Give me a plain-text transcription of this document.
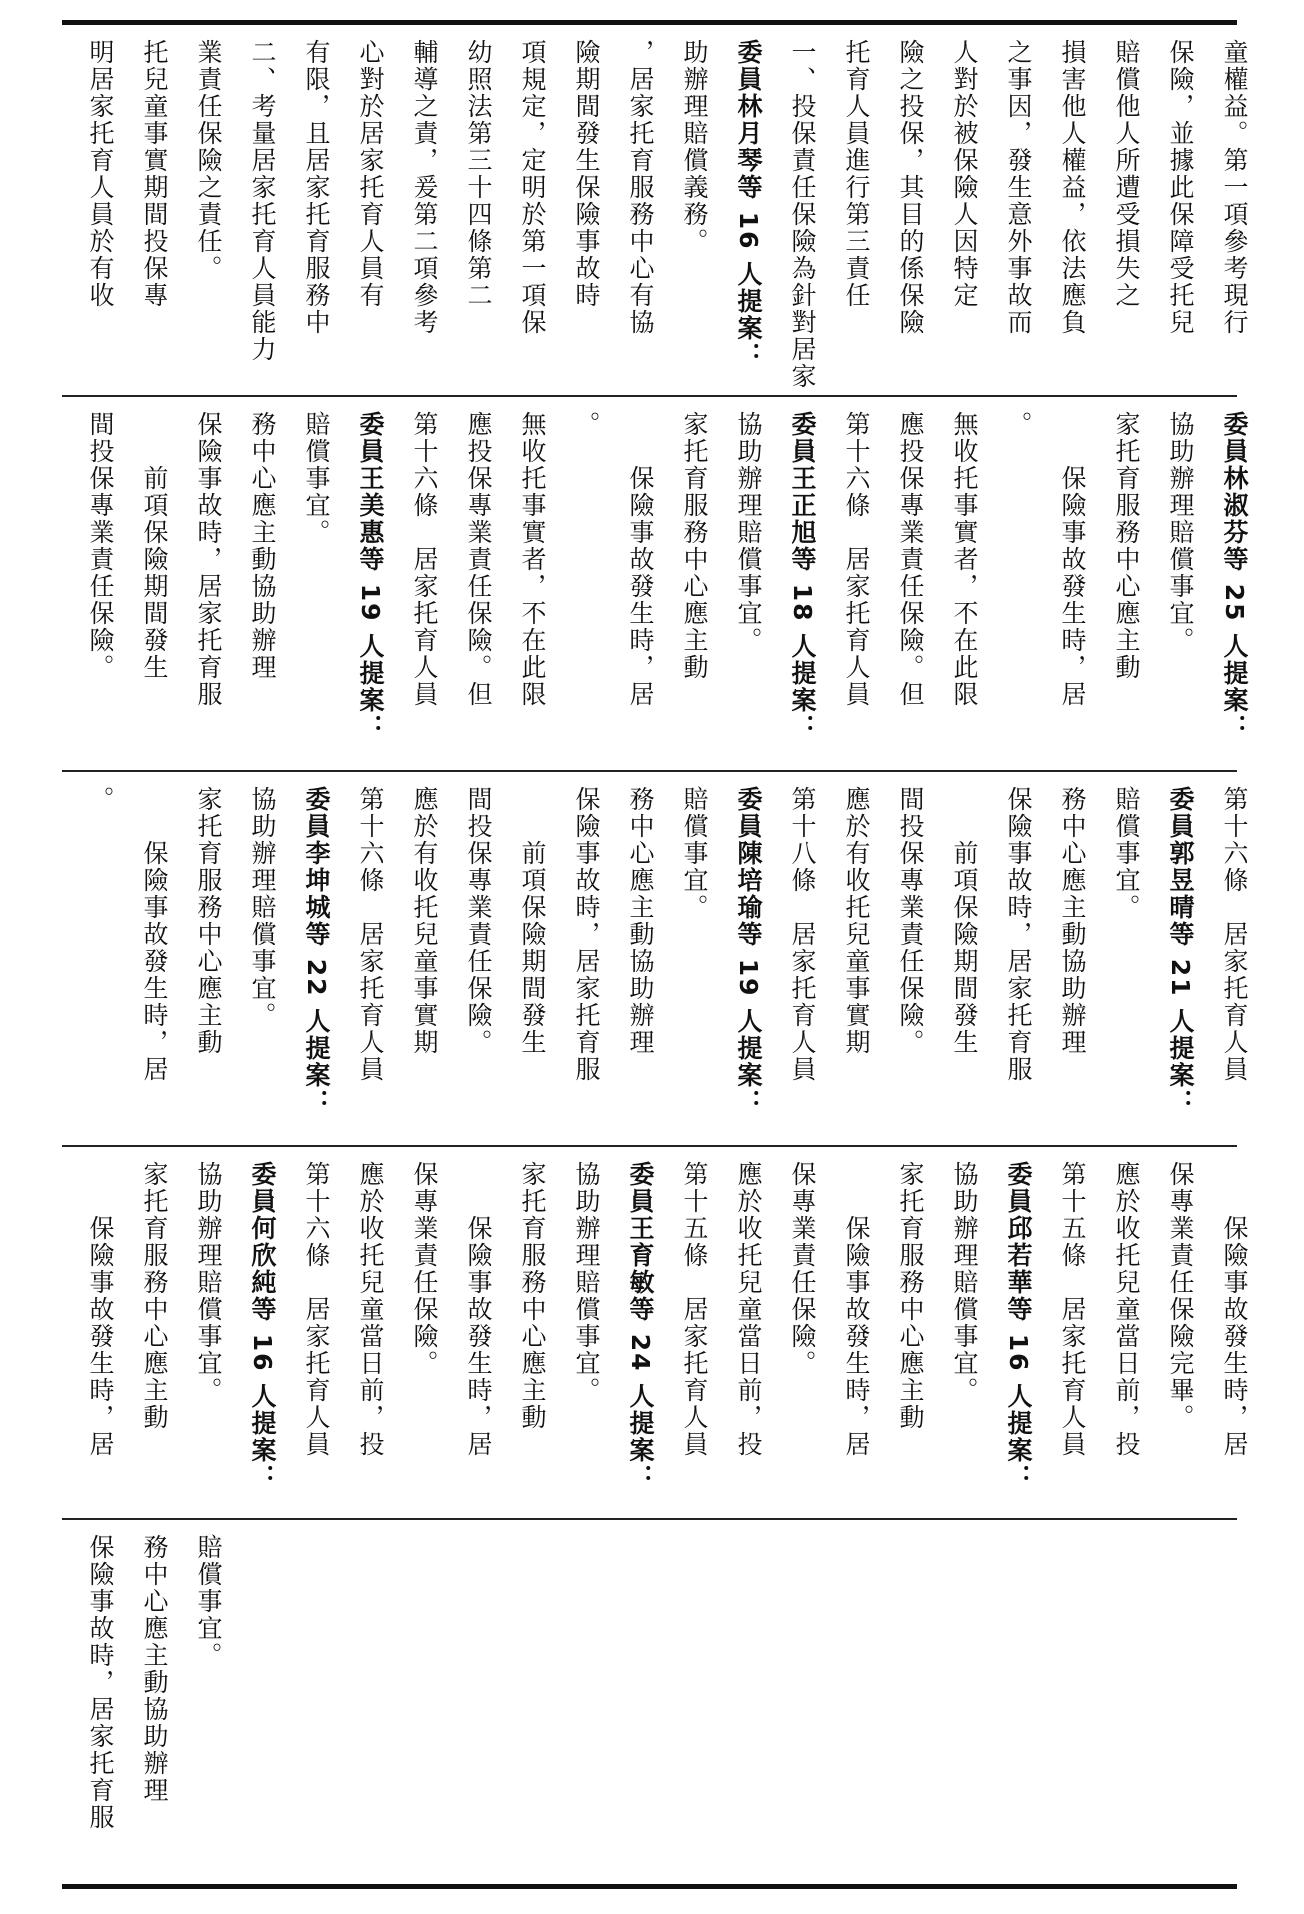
明居家托育人員於有收	托兒童事實期間投保專	業責任保險之責任。	二、考量居家托育人員能力	有限，且居家托育服務中	心對於居家托育人員有	輔導之責，爰第二項參考	幼照法第三十四條第二	項規定，定明於第一項保	險期間發生保險事故時	，居家托育服務中心有協	助辦理賠償義務。	委員林月琴等 16 人提案：	一、投保責任保險為針對居家	托育人員進行第三責任	險之投保，其目的係保險	人對於被保險人因特定	之事因，發生意外事故而	損害他人權益，依法應負	賠償他人所遭受損失之	保險，並據此保障受托兒	童權益。第一項參考現行
間投保專業責任保險。	　　前項保險期間發生	保險事故時，居家托育服	務中心應主動協助辦理	賠償事宜。	委員王美惠等 19 人提案：	第十六條　居家托育人員	應投保專業責任保險。但	無收托事實者，不在此限	。	　　保險事故發生時，居	家托育服務中心應主動	協助辦理賠償事宜。	委員王正旭等 18 人提案：	第十六條　居家托育人員	應投保專業責任保險。但	無收托事實者，不在此限	。	　　保險事故發生時，居	家托育服務中心應主動	協助辦理賠償事宜。	委員林淑芬等 25 人提案：
。	　　保險事故發生時，居	家托育服務中心應主動	協助辦理賠償事宜。	委員李坤城等 22 人提案：	第十六條　居家托育人員	應於有收托兒童事實期	間投保專業責任保險。	　　前項保險期間發生	保險事故時，居家托育服	務中心應主動協助辦理	賠償事宜。	委員陳培瑜等 19 人提案：	第十八條　居家托育人員	應於有收托兒童事實期	間投保專業責任保險。	　　前項保險期間發生	保險事故時，居家托育服	務中心應主動協助辦理	賠償事宜。	委員郭昱晴等 21 人提案：	第十六條　居家托育人員
　　保險事故發生時，居	家托育服務中心應主動	協助辦理賠償事宜。	委員何欣純等 16 人提案：	第十六條　居家托育人員	應於收托兒童當日前，投	保專業責任保險。	　　保險事故發生時，居	家托育服務中心應主動	協助辦理賠償事宜。	委員王育敏等 24 人提案：	第十五條　居家托育人員	應於收托兒童當日前，投	保專業責任保險。	　　保險事故發生時，居	家托育服務中心應主動	協助辦理賠償事宜。	委員邱若華等 16 人提案：	第十五條　居家托育人員	應於收托兒童當日前，投	保專業責任保險完畢。	　　保險事故發生時，居
保險事故時，居家托育服	務中心應主動協助辦理	賠償事宜。
